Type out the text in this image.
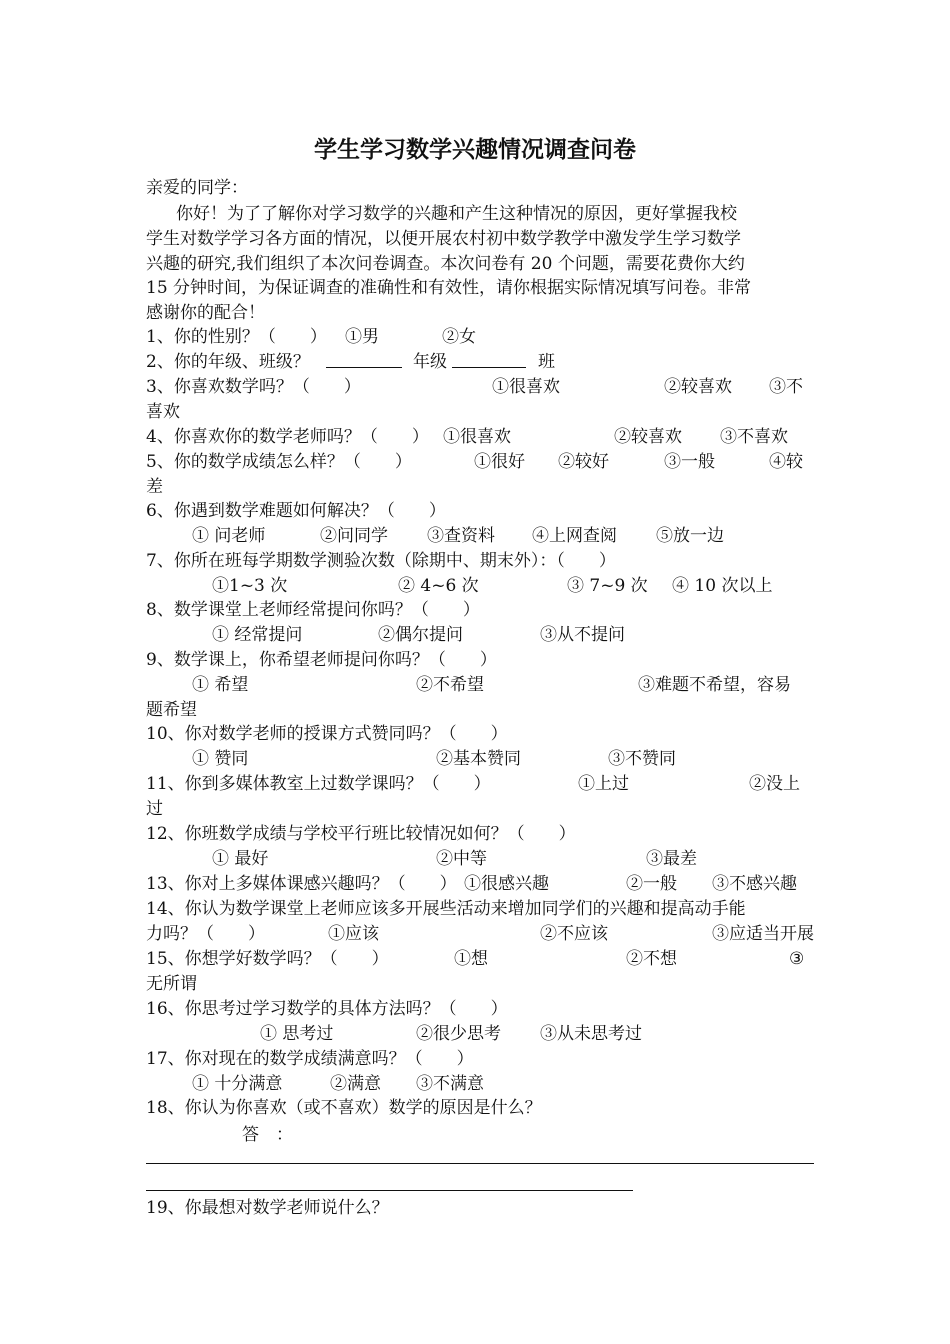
学生学习数学兴趣情况调查问卷
亲爱的同学：
你好！为了了解你对学习数学的兴趣和产生这种情况的原因，更好掌握我校
学生对数学学习各方面的情况，以便开展农村初中数学教学中激发学生学习数学
兴趣的研究,我们组织了本次问卷调查。本次问卷有 20 个问题，需要花费你大约
15 分钟时间，为保证调查的准确性和有效性，请你根据实际情况填写问卷。非常
感谢你的配合！
1、你的性别？（　　） ①男	②女
2、你的年级、班级？	年级	班
3、你喜欢数学吗？（　　）	①很喜欢	②较喜欢 ③不
喜欢
4、你喜欢你的数学老师吗？（　　） ①很喜欢	②较喜欢 ③不喜欢
5、你的数学成绩怎么样？（　　）	①很好 ②较好	③一般	④较
差
6、你遇到数学难题如何解决？（　　）
① 问老师	②问同学 ③查资料 ④上网查阅 ⑤放一边
7、你所在班每学期数学测验次数（除期中、期末外）：（　　）
①1~3 次	② 4~6 次	③ 7~9 次 ④ 10 次以上
8、数学课堂上老师经常提问你吗？（　　）
① 经常提问	②偶尔提问	③从不提问
9、数学课上，你希望老师提问你吗？（　　）
① 希望	②不希望	③难题不希望，容易
题希望
10、你对数学老师的授课方式赞同吗？（　　）
① 赞同	②基本赞同	③不赞同
11、你到多媒体教室上过数学课吗？（　　）	①上过	②没上
过
12、你班数学成绩与学校平行班比较情况如何？（　　）
① 最好	②中等	③最差
13、你对上多媒体课感兴趣吗？（　　） ①很感兴趣	②一般 ③不感兴趣
14、你认为数学课堂上老师应该多开展些活动来增加同学们的兴趣和提高动手能
力吗？（　　）	①应该	②不应该	③应适当开展
15、你想学好数学吗？（　　）	①想	②不想	③
无所谓
16、你思考过学习数学的具体方法吗？（　　）
① 思考过	②很少思考 ③从未思考过
17、你对现在的数学成绩满意吗？（　　）
① 十分满意	②满意 ③不满意
18、你认为你喜欢（或不喜欢）数学的原因是什么？
答　：
19、你最想对数学老师说什么？
